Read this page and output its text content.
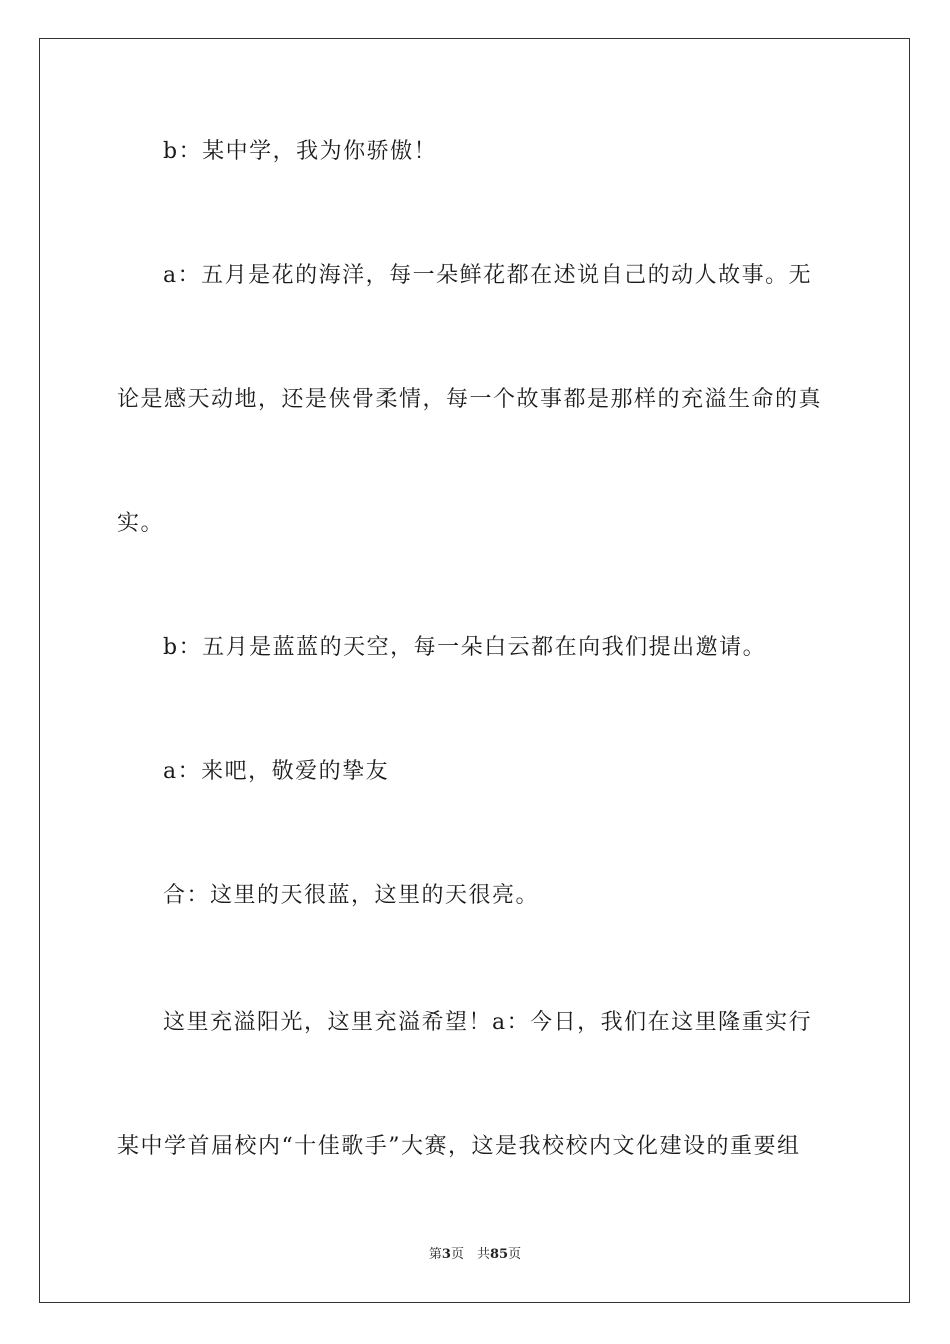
b：某中学，我为你骄傲！
a：五月是花的海洋，每一朵鲜花都在述说自己的动人故事。无
论是感天动地，还是侠骨柔情，每一个故事都是那样的充溢生命的真
实。
b：五月是蓝蓝的天空，每一朵白云都在向我们提出邀请。
a：来吧，敬爱的挚友
合：这里的天很蓝，这里的天很亮。
这里充溢阳光，这里充溢希望！a：今日，我们在这里隆重实行
某中学首届校内“十佳歌手”大赛，这是我校校内文化建设的重要组
第3页　共85页
